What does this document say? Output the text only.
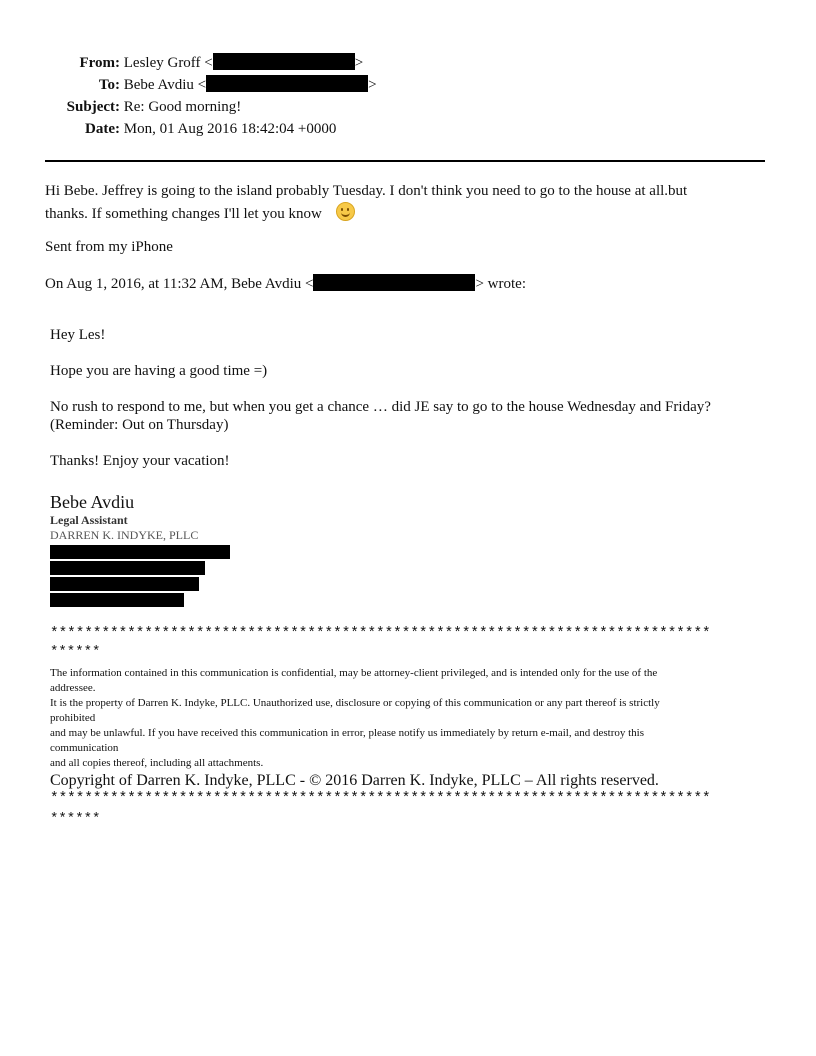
From: Lesley Groff <	>
To: Bebe Avdiu <	>
Subject: Re: Good morning!
Date: Mon, 01 Aug 2016 18:42:04 +0000
Hi Bebe. Jeffrey is going to the island probably Tuesday. I don't think you need to go to the house at all.but
thanks. If something changes I'll let you know
Sent from my iPhone
On Aug 1, 2016, at 11:32 AM, Bebe Avdiu <	> wrote:
Hey Les!
Hope you are having a good time =)
No rush to respond to me, but when you get a chance … did JE say to go to the house Wednesday and Friday?
(Reminder: Out on Thursday)
Thanks! Enjoy your vacation!
Bebe Avdiu
Legal Assistant
DARREN K. INDYKE, PLLC
*****************************************************************************
******
The information contained in this communication is confidential, may be attorney-client privileged, and is intended only for the use of the
addressee.
It is the property of Darren K. Indyke, PLLC. Unauthorized use, disclosure or copying of this communication or any part thereof is strictly
prohibited
and may be unlawful. If you have received this communication in error, please notify us immediately by return e-mail, and destroy this
communication
and all copies thereof, including all attachments.
Copyright of Darren K. Indyke, PLLC - © 2016 Darren K. Indyke, PLLC – All rights reserved.
*****************************************************************************
******
